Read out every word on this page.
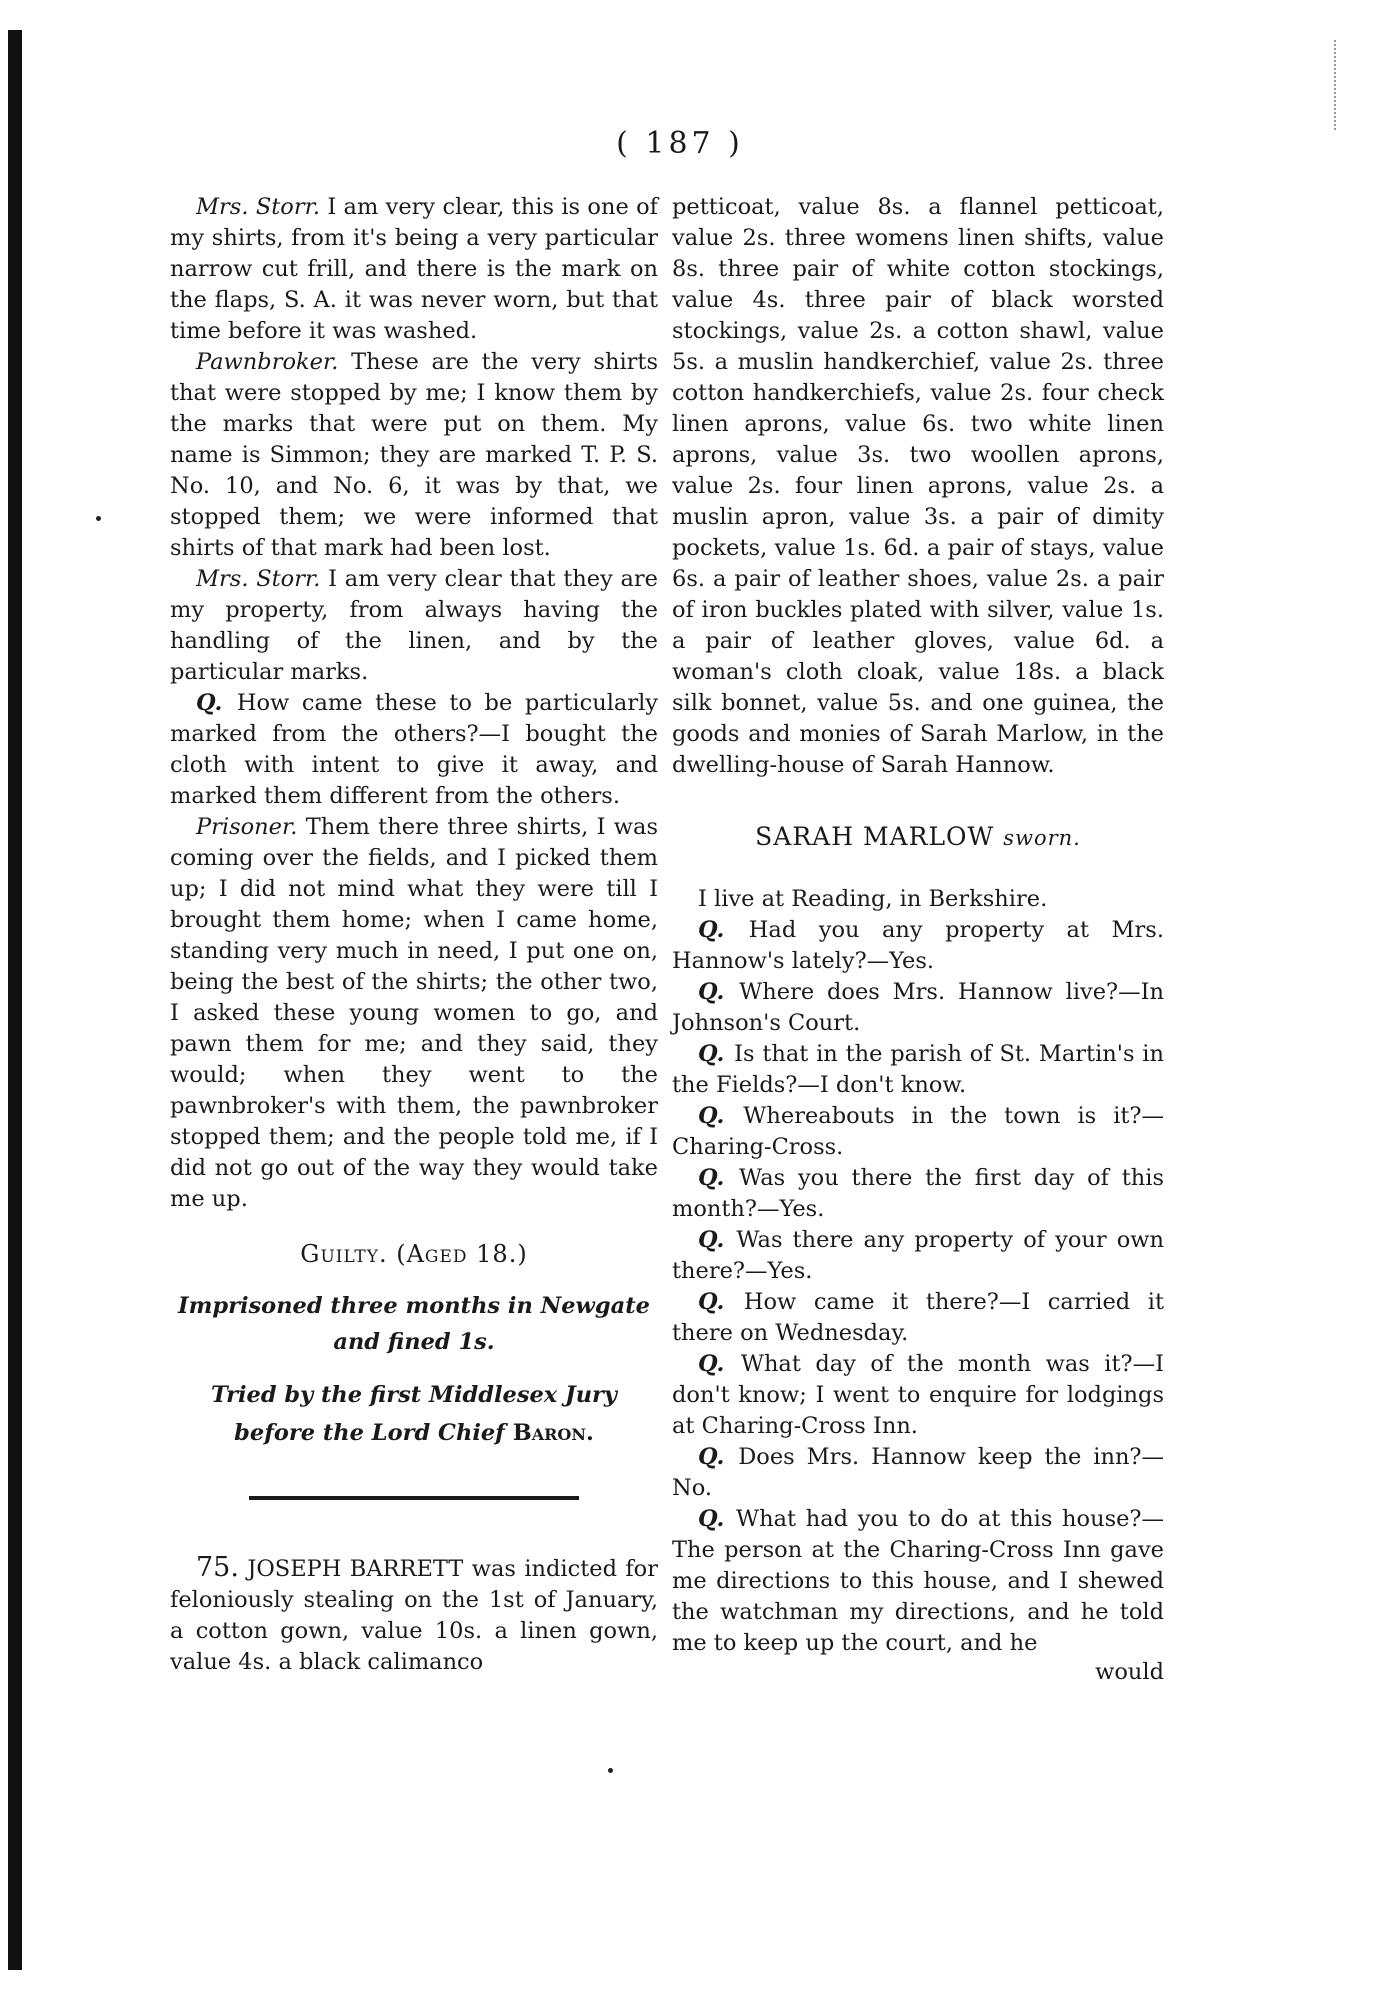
( 187 )

Mrs. Storr. I am very clear, this is one of my shirts, from it's being a very particular narrow cut frill, and there is the mark on the flaps, S. A. it was never worn, but that time before it was washed.

Pawnbroker. These are the very shirts that were stopped by me; I know them by the marks that were put on them. My name is Simmon; they are marked T. P. S. No. 10, and No. 6, it was by that, we stopped them; we were informed that shirts of that mark had been lost.

Mrs. Storr. I am very clear that they are my property, from always having the handling of the linen, and by the particular marks.

Q. How came these to be particularly marked from the others?—I bought the cloth with intent to give it away, and marked them different from the others.

Prisoner. Them there three shirts, I was coming over the fields, and I picked them up; I did not mind what they were till I brought them home; when I came home, standing very much in need, I put one on, being the best of the shirts; the other two, I asked these young women to go, and pawn them for me; and they said, they would; when they went to the pawnbroker's with them, the pawnbroker stopped them; and the people told me, if I did not go out of the way they would take me up.

Guilty. (Aged 18.)

Imprisoned three months in Newgate and fined 1s.

Tried by the first Middlesex Jury before the Lord Chief Baron.

75. JOSEPH BARRETT was indicted for feloniously stealing on the 1st of January, a cotton gown, value 10s. a linen gown, value 4s. a black calimanco

petticoat, value 8s. a flannel petticoat, value 2s. three womens linen shifts, value 8s. three pair of white cotton stockings, value 4s. three pair of black worsted stockings, value 2s. a cotton shawl, value 5s. a muslin handkerchief, value 2s. three cotton handkerchiefs, value 2s. four check linen aprons, value 6s. two white linen aprons, value 3s. two woollen aprons, value 2s. four linen aprons, value 2s. a muslin apron, value 3s. a pair of dimity pockets, value 1s. 6d. a pair of stays, value 6s. a pair of leather shoes, value 2s. a pair of iron buckles plated with silver, value 1s. a pair of leather gloves, value 6d. a woman's cloth cloak, value 18s. a black silk bonnet, value 5s. and one guinea, the goods and monies of Sarah Marlow, in the dwelling-house of Sarah Hannow.

SARAH MARLOW sworn.

I live at Reading, in Berkshire.

Q. Had you any property at Mrs. Hannow's lately?—Yes.

Q. Where does Mrs. Hannow live?—In Johnson's Court.

Q. Is that in the parish of St. Martin's in the Fields?—I don't know.

Q. Whereabouts in the town is it?—Charing-Cross.

Q. Was you there the first day of this month?—Yes.

Q. Was there any property of your own there?—Yes.

Q. How came it there?—I carried it there on Wednesday.

Q. What day of the month was it?—I don't know; I went to enquire for lodgings at Charing-Cross Inn.

Q. Does Mrs. Hannow keep the inn?—No.

Q. What had you to do at this house?—The person at the Charing-Cross Inn gave me directions to this house, and I shewed the watchman my directions, and he told me to keep up the court, and he

would
